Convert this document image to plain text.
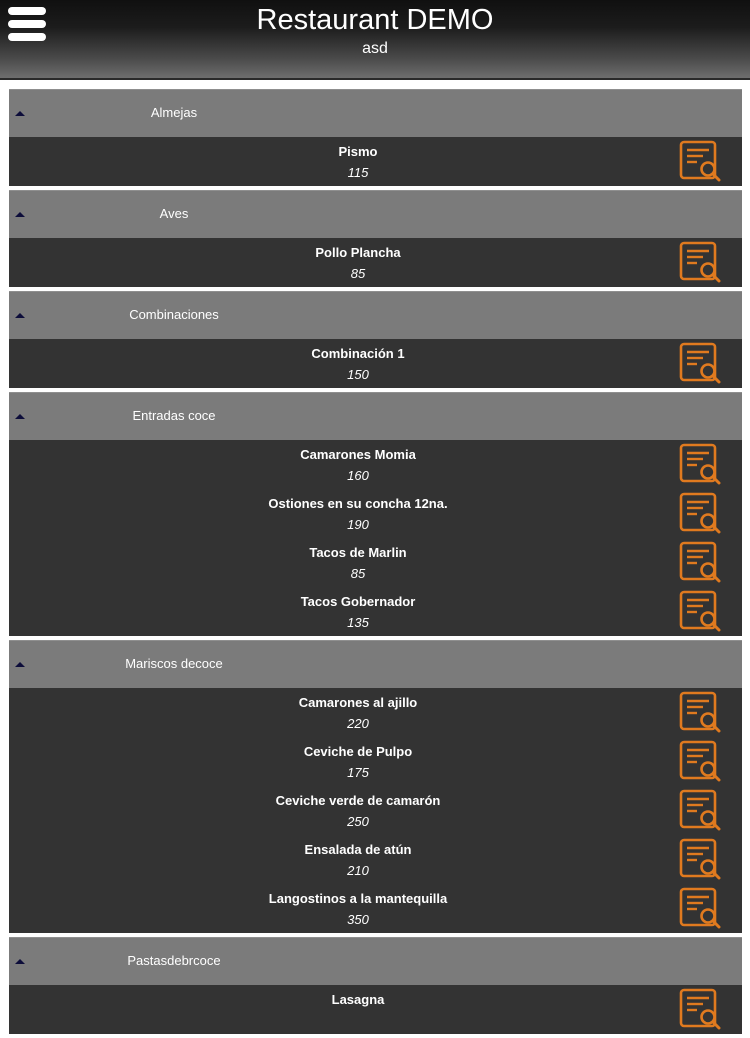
Restaurant DEMO
asd
Almejas
Pismo
115
Aves
Pollo Plancha
85
Combinaciones
Combinación 1
150
Entradas coce
Camarones Momia
160
Ostiones en su concha 12na.
190
Tacos de Marlin
85
Tacos Gobernador
135
Mariscos decoce
Camarones al ajillo
220
Ceviche de Pulpo
175
Ceviche verde de camarón
250
Ensalada de atún
210
Langostinos a la mantequilla
350
Pastasdebrcoce
Lasagna
